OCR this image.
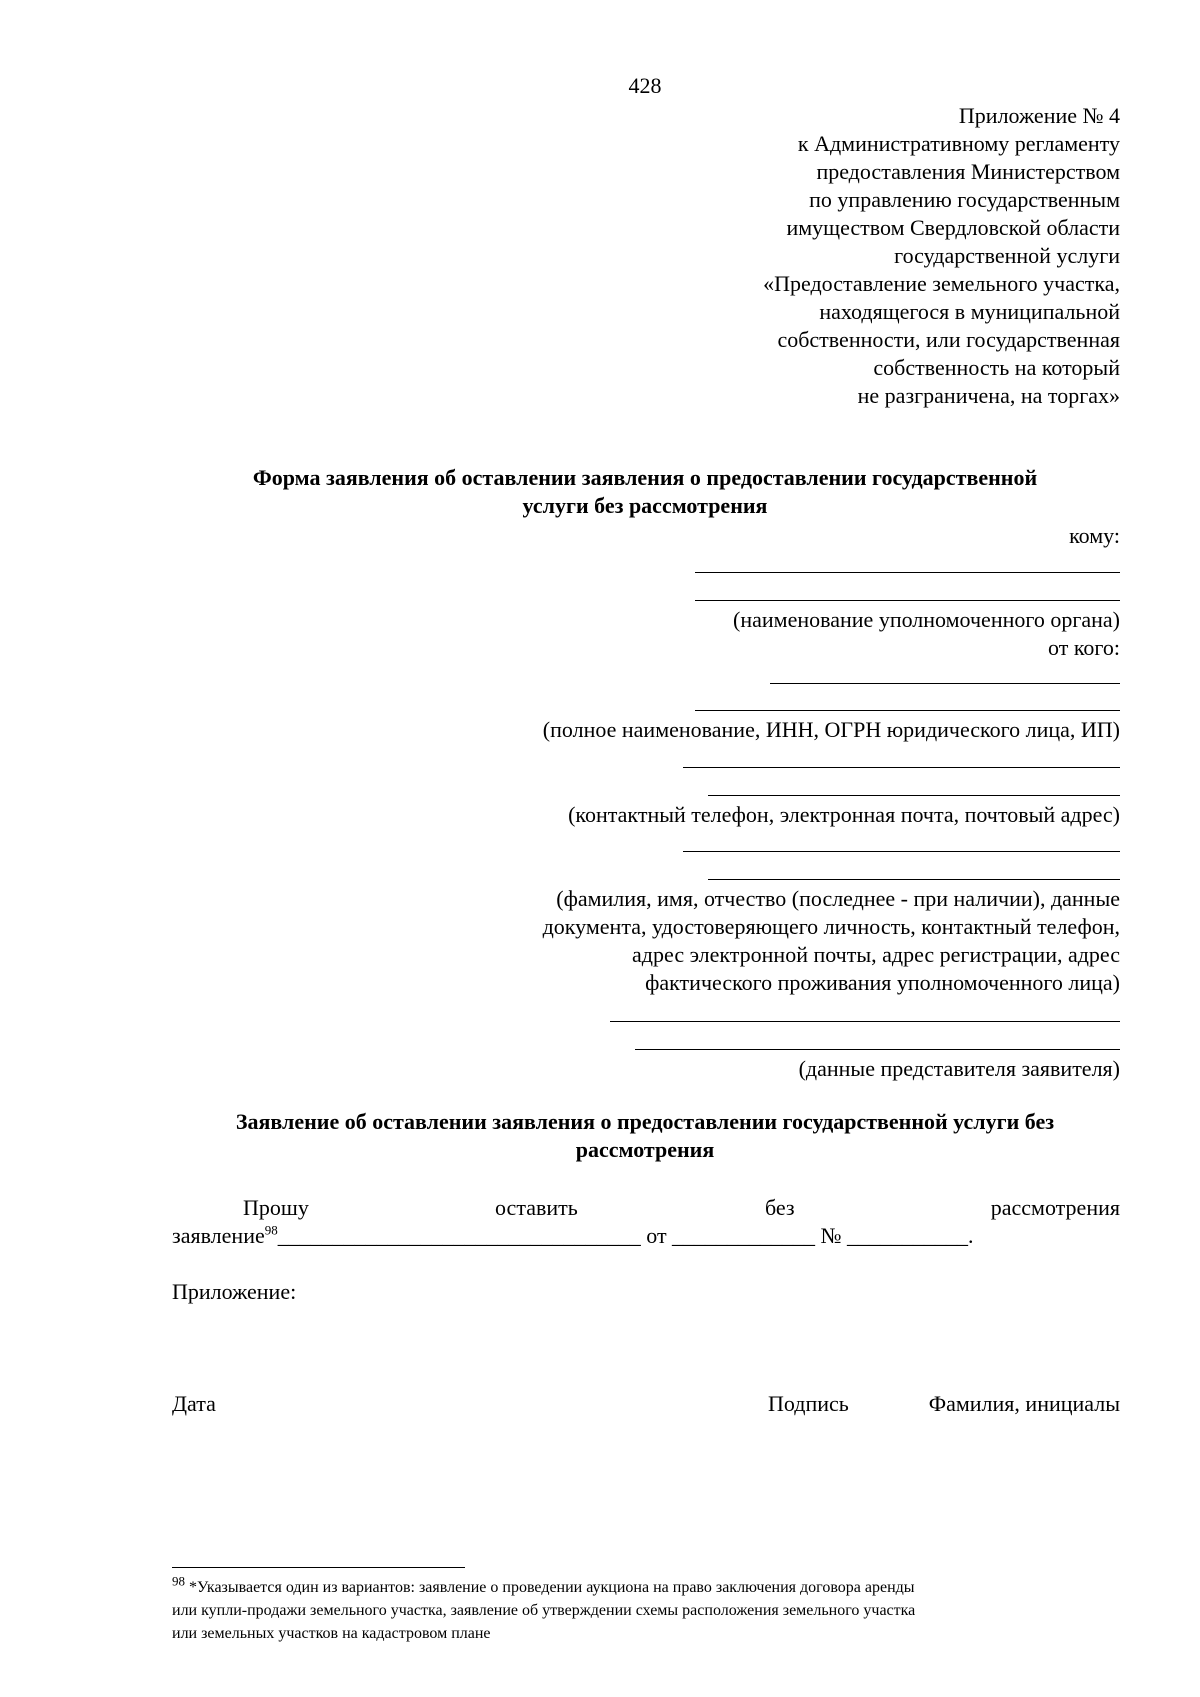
428
Приложение № 4
к Административному регламенту
предоставления Министерством
по управлению государственным
имуществом Свердловской области
государственной услуги
«Предоставление земельного участка,
находящегося в муниципальной
собственности, или государственная
собственность на который
не разграничена, на торгах»
Форма заявления об оставлении заявления о предоставлении государственной
услуги без рассмотрения
кому:
(наименование уполномоченного органа)
от кого:
(полное наименование, ИНН, ОГРН юридического лица, ИП)
(контактный телефон, электронная почта, почтовый адрес)
(фамилия, имя, отчество (последнее - при наличии), данные
документа, удостоверяющего личность, контактный телефон,
адрес электронной почты, адрес регистрации, адрес
фактического проживания уполномоченного лица)
(данные представителя заявителя)
Заявление об оставлении заявления о предоставлении государственной услуги без
рассмотрения
Прошу	оставить	без	рассмотрения
заявление$^{98}$_________________________________ от _____________ № ___________.
Приложение:
Дата	Подпись	Фамилия, инициалы
$^{98}$ *Указывается один из вариантов: заявление о проведении аукциона на право заключения договора аренды
или купли-продажи земельного участка, заявление об утверждении схемы расположения земельного участка
или земельных участков на кадастровом плане
